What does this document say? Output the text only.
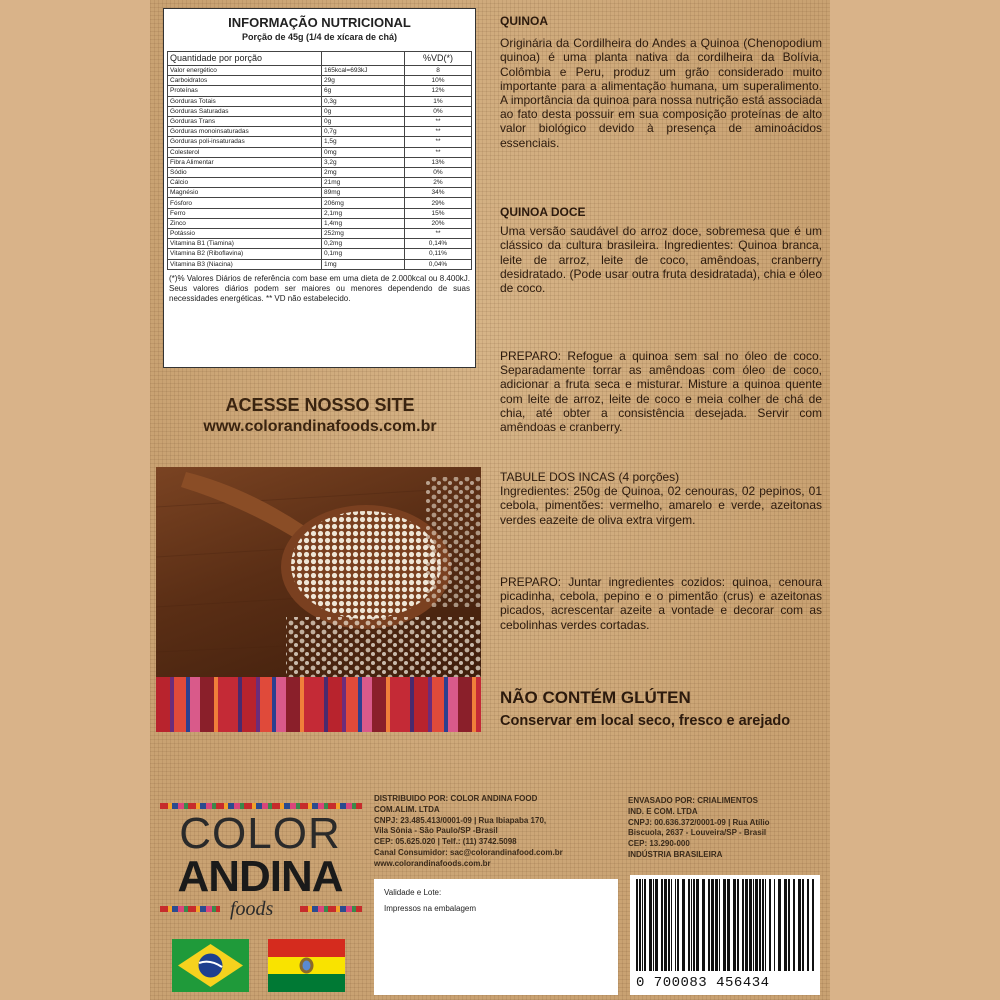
INFORMAÇÃO NUTRICIONAL
Porção de 45g (1/4 de xícara de chá)
Quantidade por porção		%VD(*)
Valor energético	165kcal=693kJ	8
Carboidratos	29g	10%
Proteínas	6g	12%
Gorduras Totais	0,3g	1%
Gorduras Saturadas	0g	0%
Gorduras Trans	0g	**
Gorduras monoinsaturadas	0,7g	**
Gorduras poli-insaturadas	1,5g	**
Colesterol	0mg	**
Fibra Alimentar	3,2g	13%
Sódio	2mg	0%
Cálcio	21mg	2%
Magnésio	89mg	34%
Fósforo	206mg	29%
Ferro	2,1mg	15%
Zinco	1,4mg	20%
Potássio	252mg	**
Vitamina B1 (Tiamina)	0,2mg	0,14%
Vitamina B2 (Riboflavina)	0,1mg	0,11%
Vitamina B3 (Niacina)	1mg	0,04%
(*)% Valores Diários de referência com base em uma dieta de 2.000kcal ou 8.400kJ. Seus valores diários podem ser maiores ou menores dependendo de suas necessidades energéticas. ** VD não estabelecido.
QUINOA
Originária da Cordilheira do Andes a Quinoa (Chenopodium quinoa) é uma planta nativa da cordilheira da Bolívia, Colômbia e Peru, produz um grão considerado muito importante para a alimentação humana, um superalimento. A importância da quinoa para nossa nutrição está associada ao fato desta possuir em sua composição proteínas de alto valor biológico devido à presença de aminoácidos essenciais.
QUINOA DOCE
Uma versão saudável do arroz doce, sobremesa que é um clássico da cultura brasileira. Ingredientes: Quinoa branca, leite de arroz, leite de coco, amêndoas, cranberry desidratado. (Pode usar outra fruta desidratada), chia e óleo de coco.
PREPARO: Refogue a quinoa sem sal no óleo de coco. Separadamente torrar as amêndoas com óleo de coco, adicionar a fruta seca e misturar. Misture a quinoa quente com leite de arroz, leite de coco e meia colher de chá de chia, até obter a consistência desejada. Servir com amêndoas e cranberry.
TABULE DOS INCAS (4 porções)
Ingredientes: 250g de Quinoa, 02 cenouras, 02 pepinos, 01 cebola, pimentões: vermelho, amarelo e verde, azeitonas verdes eazeite de oliva extra virgem.
PREPARO: Juntar ingredientes cozidos: quinoa, cenoura picadinha, cebola, pepino e o pimentão (crus) e azeitonas picados, acrescentar azeite a vontade e decorar com as cebolinhas verdes cortadas.
ACESSE NOSSO SITE
www.colorandinafoods.com.br
NÃO CONTÉM GLÚTEN
Conservar em local seco, fresco e arejado
COLOR
ANDINA
foods
DISTRIBUIDO POR: COLOR ANDINA FOOD
COM.ALIM. LTDA
CNPJ: 23.485.413/0001-09 | Rua Ibiapaba 170,
Vila Sônia - São Paulo/SP -Brasil
CEP: 05.625.020 | Telf.: (11) 3742.5098
Canal Consumidor: sac@colorandinafood.com.br
www.colorandinafoods.com.br
ENVASADO POR: CRIALIMENTOS
IND. E COM. LTDA
CNPJ: 00.636.372/0001-09 | Rua Atílio
Biscuola, 2637 - Louveira/SP - Brasil
CEP: 13.290-000
INDÚSTRIA BRASILEIRA
Validade e Lote:
Impressos na embalagem
0 700083 456434
